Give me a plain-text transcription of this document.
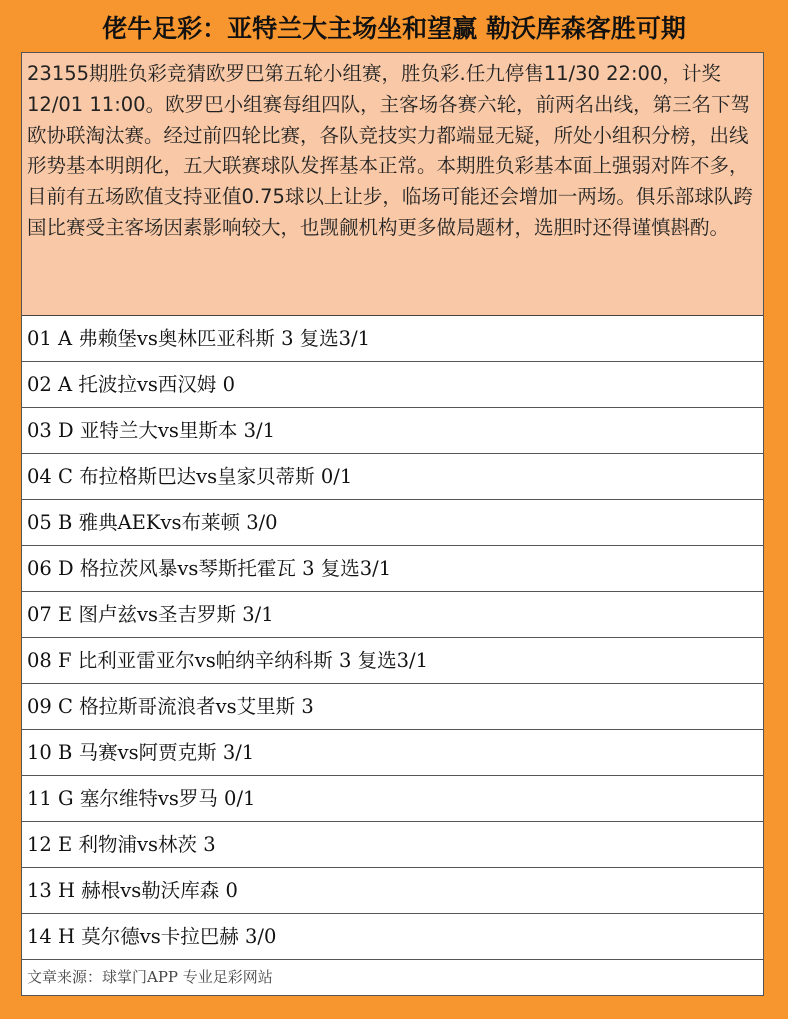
佬牛足彩：亚特兰大主场坐和望赢 勒沃库森客胜可期
23155期胜负彩竞猜欧罗巴第五轮小组赛，胜负彩.任九停售11/30 22:00，计奖12/01 11:00。欧罗巴小组赛每组四队，主客场各赛六轮，前两名出线，第三名下驾欧协联淘汰赛。经过前四轮比赛，各队竞技实力都端显无疑，所处小组积分榜，出线形势基本明朗化，五大联赛球队发挥基本正常。本期胜负彩基本面上强弱对阵不多，目前有五场欧值支持亚值0.75球以上让步，临场可能还会增加一两场。俱乐部球队跨国比赛受主客场因素影响较大，也觊觎机构更多做局题材，选胆时还得谨慎斟酌。
01 A 弗赖堡vs奥林匹亚科斯 3 复选3/1
02 A 托波拉vs西汉姆 0
03 D 亚特兰大vs里斯本 3/1
04 C 布拉格斯巴达vs皇家贝蒂斯 0/1
05 B 雅典AEKvs布莱顿 3/0
06 D 格拉茨风暴vs琴斯托霍瓦 3 复选3/1
07 E 图卢兹vs圣吉罗斯 3/1
08 F 比利亚雷亚尔vs帕纳辛纳科斯 3 复选3/1
09 C 格拉斯哥流浪者vs艾里斯 3
10 B 马赛vs阿贾克斯 3/1
11 G 塞尔维特vs罗马 0/1
12 E 利物浦vs林茨 3
13 H 赫根vs勒沃库森 0
14 H 莫尔德vs卡拉巴赫 3/0
文章来源：球掌门APP 专业足彩网站
